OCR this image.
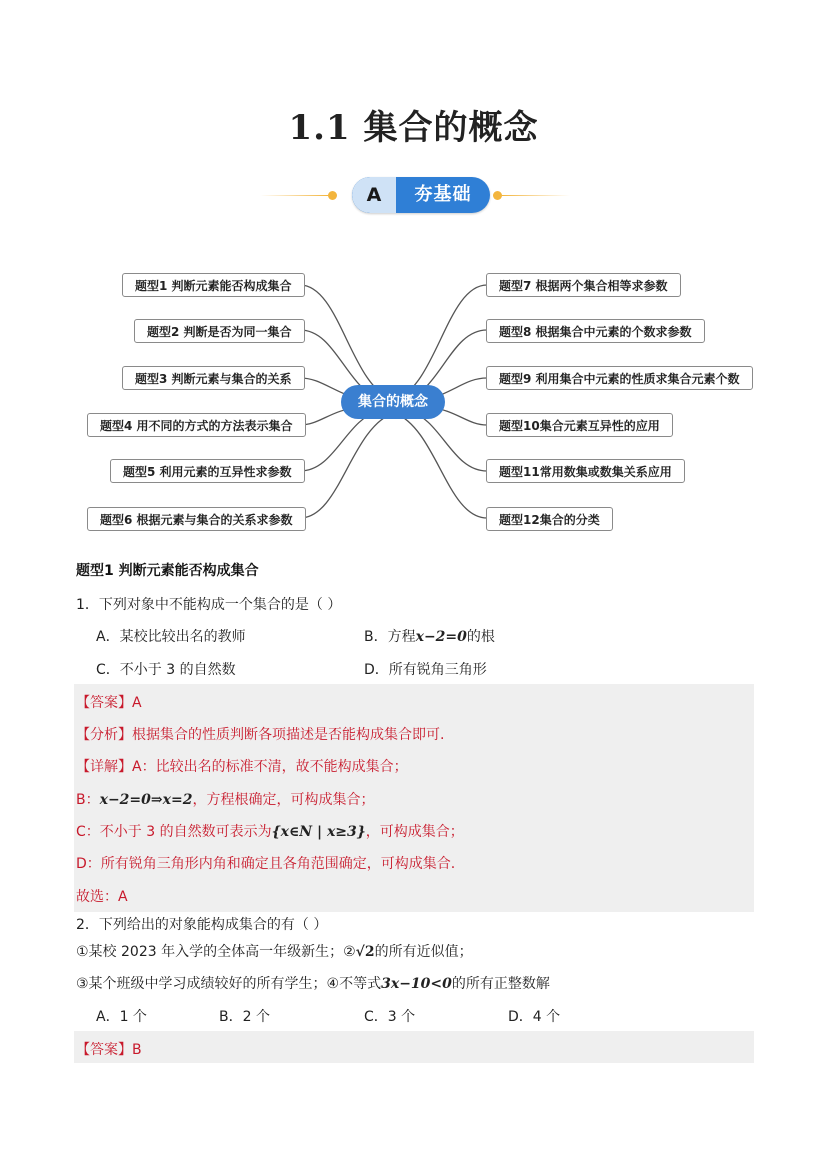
1.1 集合的概念
A	夯基础
题型1 判断元素能否构成集合
题型2 判断是否为同一集合
题型3 判断元素与集合的关系
题型4 用不同的方式的方法表示集合
题型5 利用元素的互异性求参数
题型6 根据元素与集合的关系求参数
题型7 根据两个集合相等求参数
题型8 根据集合中元素的个数求参数
题型9 利用集合中元素的性质求集合元素个数
题型10集合元素互异性的应用
题型11常用数集或数集关系应用
题型12集合的分类
集合的概念
题型1 判断元素能否构成集合
1．下列对象中不能构成一个集合的是（ ）
A．某校比较出名的教师	B．方程x−2=0的根
C．不小于 3 的自然数	D．所有锐角三角形
【答案】A
【分析】根据集合的性质判断各项描述是否能构成集合即可.
【详解】A：比较出名的标准不清，故不能构成集合；
B：x−2=0⇒x=2，方程根确定，可构成集合；
C：不小于 3 的自然数可表示为{x∈N | x≥3}，可构成集合；
D：所有锐角三角形内角和确定且各角范围确定，可构成集合.
故选：A
2．下列给出的对象能构成集合的有（ ）
①某校 2023 年入学的全体高一年级新生；②√2的所有近似值；
③某个班级中学习成绩较好的所有学生；④不等式3x−10<0的所有正整数解
A．1 个	B．2 个	C．3 个	D．4 个
【答案】B
